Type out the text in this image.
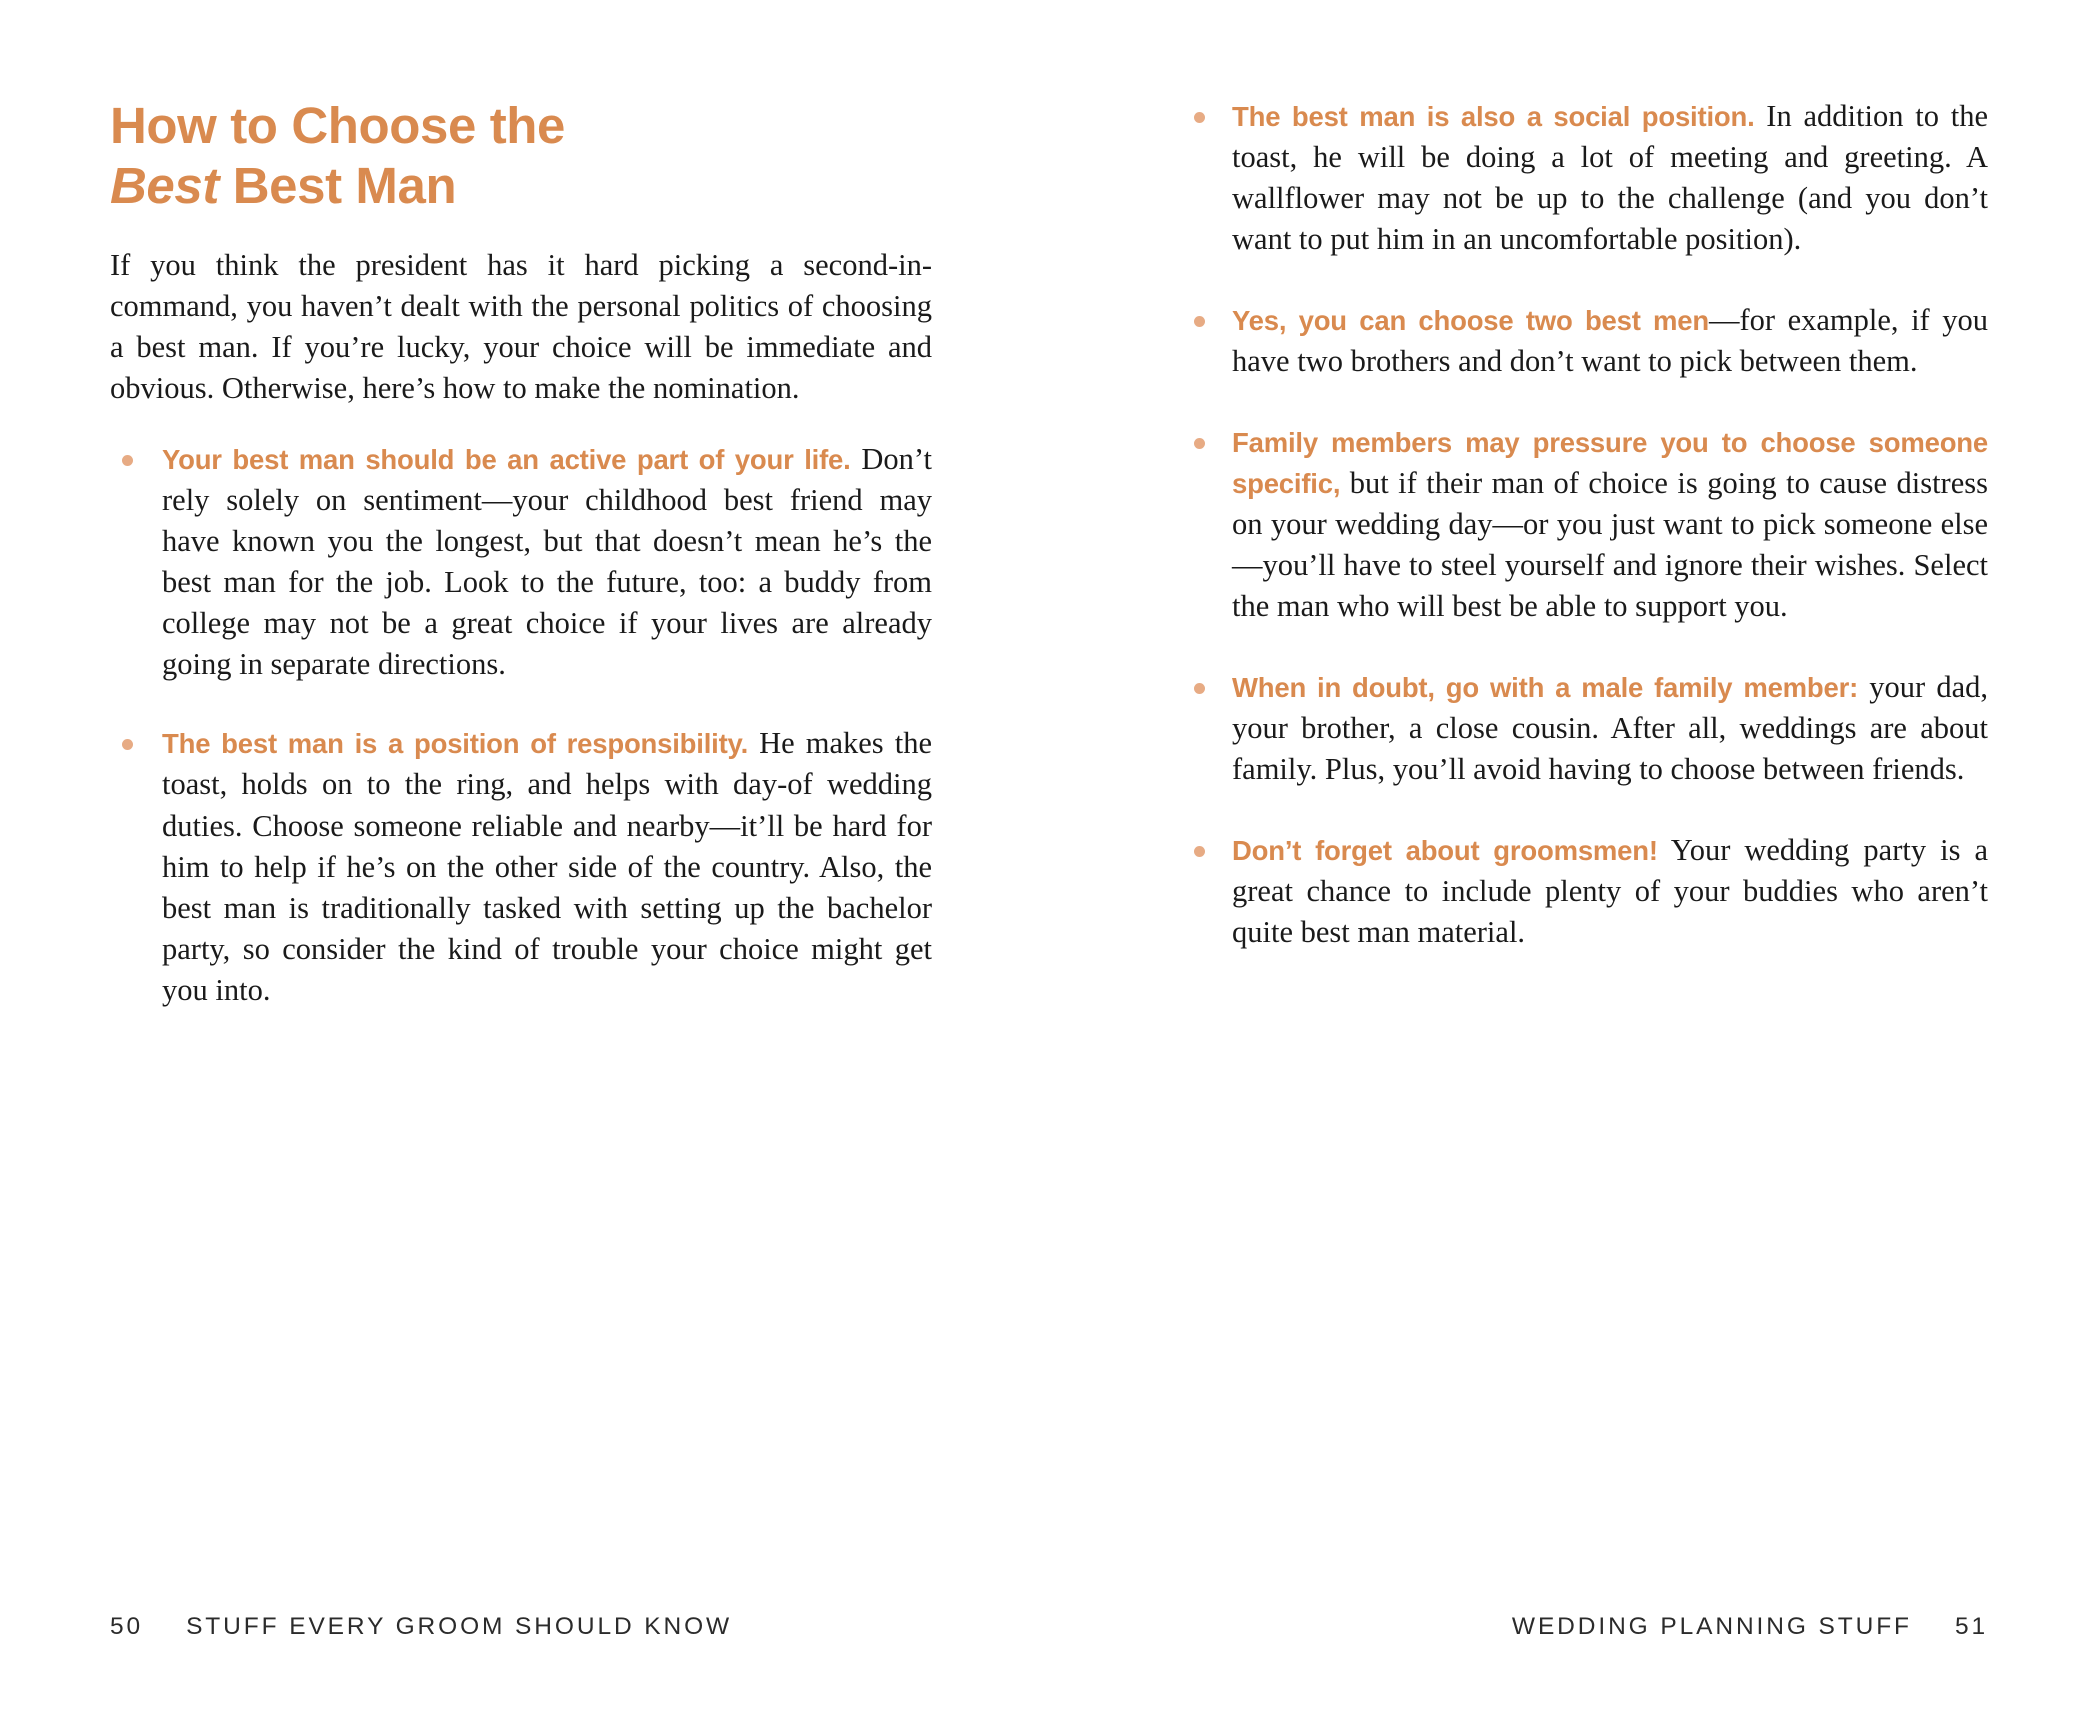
How to Choose the
Best Best Man

If you think the president has it hard picking a second-in-command, you haven’t dealt with the personal politics of choosing a best man. If you’re lucky, your choice will be immediate and obvious. Otherwise, here’s how to make the nomination.

Your best man should be an active part of your life. Don’t rely solely on sentiment—your childhood best friend may have known you the longest, but that doesn’t mean he’s the best man for the job. Look to the future, too: a buddy from college may not be a great choice if your lives are already going in separate directions.
The best man is a position of responsibility. He makes the toast, holds on to the ring, and helps with day-of wedding duties. Choose someone reliable and nearby—it’ll be hard for him to help if he’s on the other side of the country. Also, the best man is traditionally tasked with setting up the bachelor party, so consider the kind of trouble your choice might get you into.
50 STUFF EVERY GROOM SHOULD KNOW
The best man is also a social position. In addition to the toast, he will be doing a lot of meeting and greeting. A wallflower may not be up to the challenge (and you don’t want to put him in an uncomfortable position).
Yes, you can choose two best men—for example, if you have two brothers and don’t want to pick between them.
Family members may pressure you to choose someone specific, but if their man of choice is going to cause distress on your wedding day—or you just want to pick someone else—you’ll have to steel yourself and ignore their wishes. Select the man who will best be able to support you.
When in doubt, go with a male family member: your dad, your brother, a close cousin. After all, weddings are about family. Plus, you’ll avoid having to choose between friends.
Don’t forget about groomsmen! Your wedding party is a great chance to include plenty of your buddies who aren’t quite best man material.
WEDDING PLANNING STUFF 51
